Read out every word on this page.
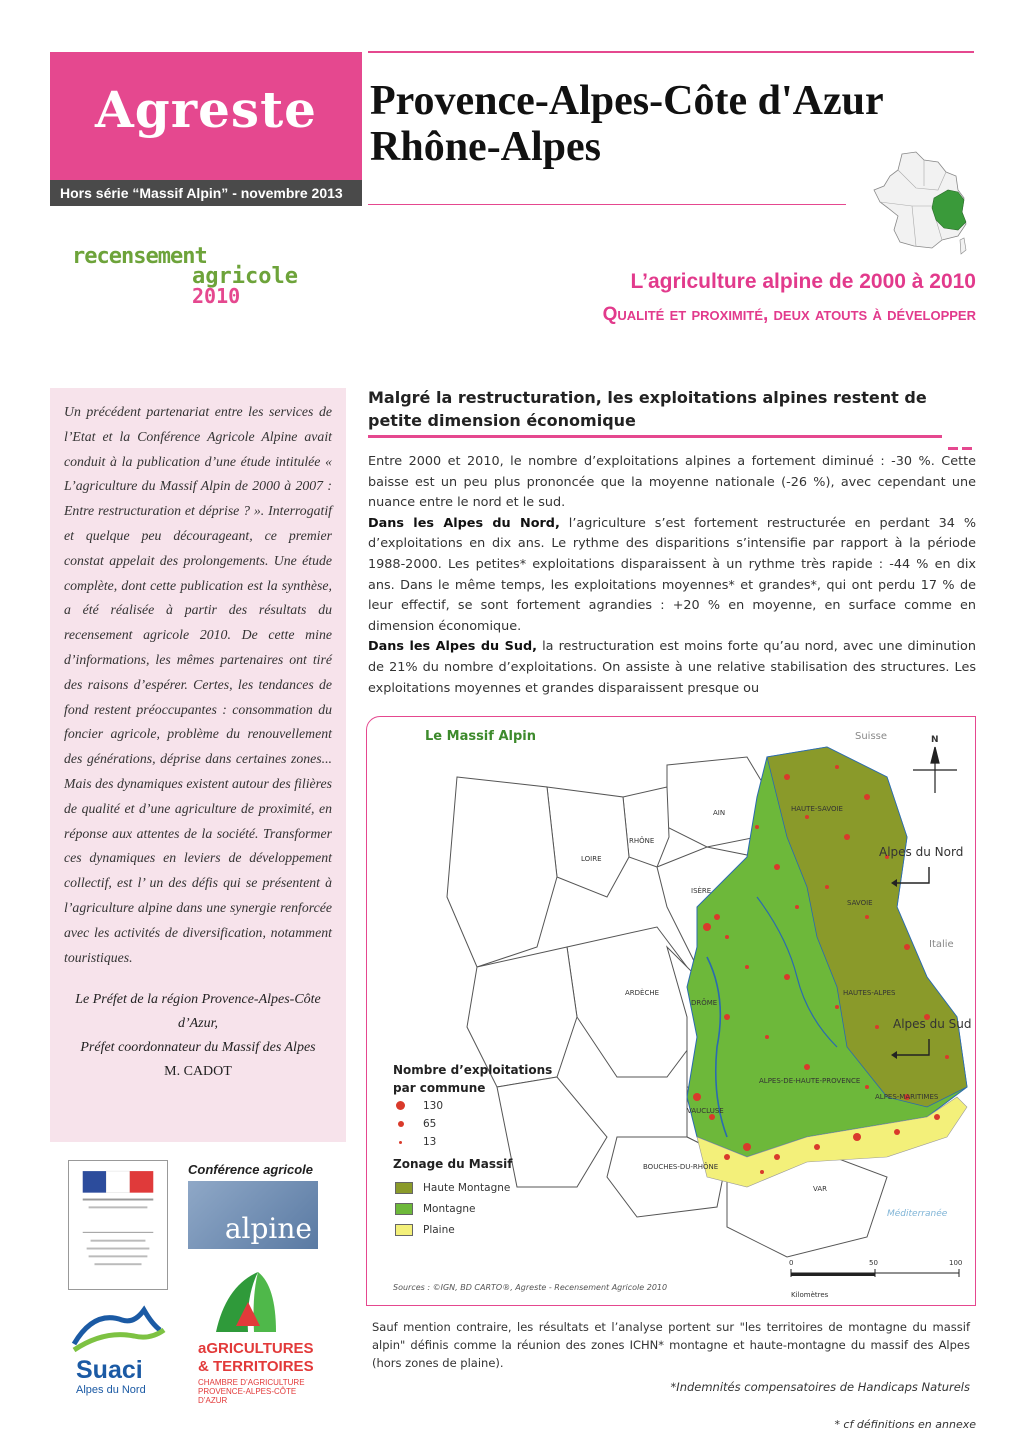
Agreste
Hors série “Massif Alpin” - novembre 2013
Provence-Alpes-Côte d'Azur
Rhône-Alpes
recensement
agricole
2010
L’agriculture alpine de 2000 à 2010
Qualité et proximité, deux atouts à développer

Un précédent partenariat entre les services de l’Etat et la Conférence Agricole Alpine avait conduit à la publication d’une étude intitulée « L’agriculture du Massif Alpin de 2000 à 2007 : Entre restructuration et déprise ? ». Interrogatif et quelque peu décourageant, ce premier constat appelait des prolongements. Une étude complète, dont cette publication est la synthèse, a été réalisée à partir des résultats du recensement agricole 2010. De cette mine d’informations, les mêmes partenaires ont tiré des raisons d’espérer. Certes, les tendances de fond restent préoccupantes : consommation du foncier agricole, problème du renouvellement des générations, déprise dans certaines zones... Mais des dynamiques existent autour des filières de qualité et d’une agriculture de proximité, en réponse aux attentes de la société. Transformer ces dynamiques en leviers de développement collectif, est l’ un des défis qui se présentent à l’agriculture alpine dans une synergie renforcée avec les activités de diversification, notamment touristiques.

Le Préfet de la région Provence-Alpes-Côte d’Azur,
Préfet coordonnateur du Massif des Alpes
M. CADOT
Conférence agricole
alpine
Suaci
Alpes du Nord
aGRICULTURES
& TERRITOIRES
CHAMBRE D’AGRICULTURE PROVENCE-ALPES-CÔTE D’AZUR
Malgré la restructuration, les exploitations alpines restent de petite dimension économique

Entre 2000 et 2010, le nombre d’exploitations alpines a fortement diminué : -30 %. Cette baisse est un peu plus prononcée que la moyenne nationale (-26 %), avec cependant une nuance entre le nord et le sud.

Dans les Alpes du Nord, l’agriculture s’est fortement restructurée en perdant 34 % d’exploitations en dix ans. Le rythme des disparitions s’intensifie par rapport à la période 1988-2000. Les petites* exploitations disparaissent à un rythme très rapide : -44 % en dix ans. Dans le même temps, les exploitations moyennes* et grandes*, qui ont perdu 17 % de leur effectif, se sont fortement agrandies : +20 % en moyenne, en surface comme en dimension économique.

Dans les Alpes du Sud, la restructuration est moins forte qu’au nord, avec une diminution de 21% du nombre d’exploitations. On assiste à une relative stabilisation des structures. Les exploitations moyennes et grandes disparaissent presque ou

Le Massif Alpin	Suisse
Italie
Méditerranée
N
Alpes du Nord
Alpes du Sud
AIN
RHÔNE
LOIRE
ISÈRE
HAUTE-SAVOIE
SAVOIE
DRÔME
ARDÈCHE	HAUTES-ALPES
ALPES-DE-HAUTE-PROVENCE
ALPES-MARITIMES
VAUCLUSE
BOUCHES-DU-RHÔNE
VAR
Nombre d’exploitations
par commune
130
65
13
Zonage du Massif
Haute Montagne
Montagne
Plaine
0	50	100
Kilomètres
Sources : ©IGN, BD CARTO®, Agreste - Recensement Agricole 2010

Sauf mention contraire, les résultats et l’analyse portent sur "les territoires de montagne du massif alpin" définis comme la réunion des zones ICHN* montagne et haute-montagne du massif des Alpes (hors zones de plaine).

*Indemnités compensatoires de Handicaps Naturels
* cf définitions en annexe
